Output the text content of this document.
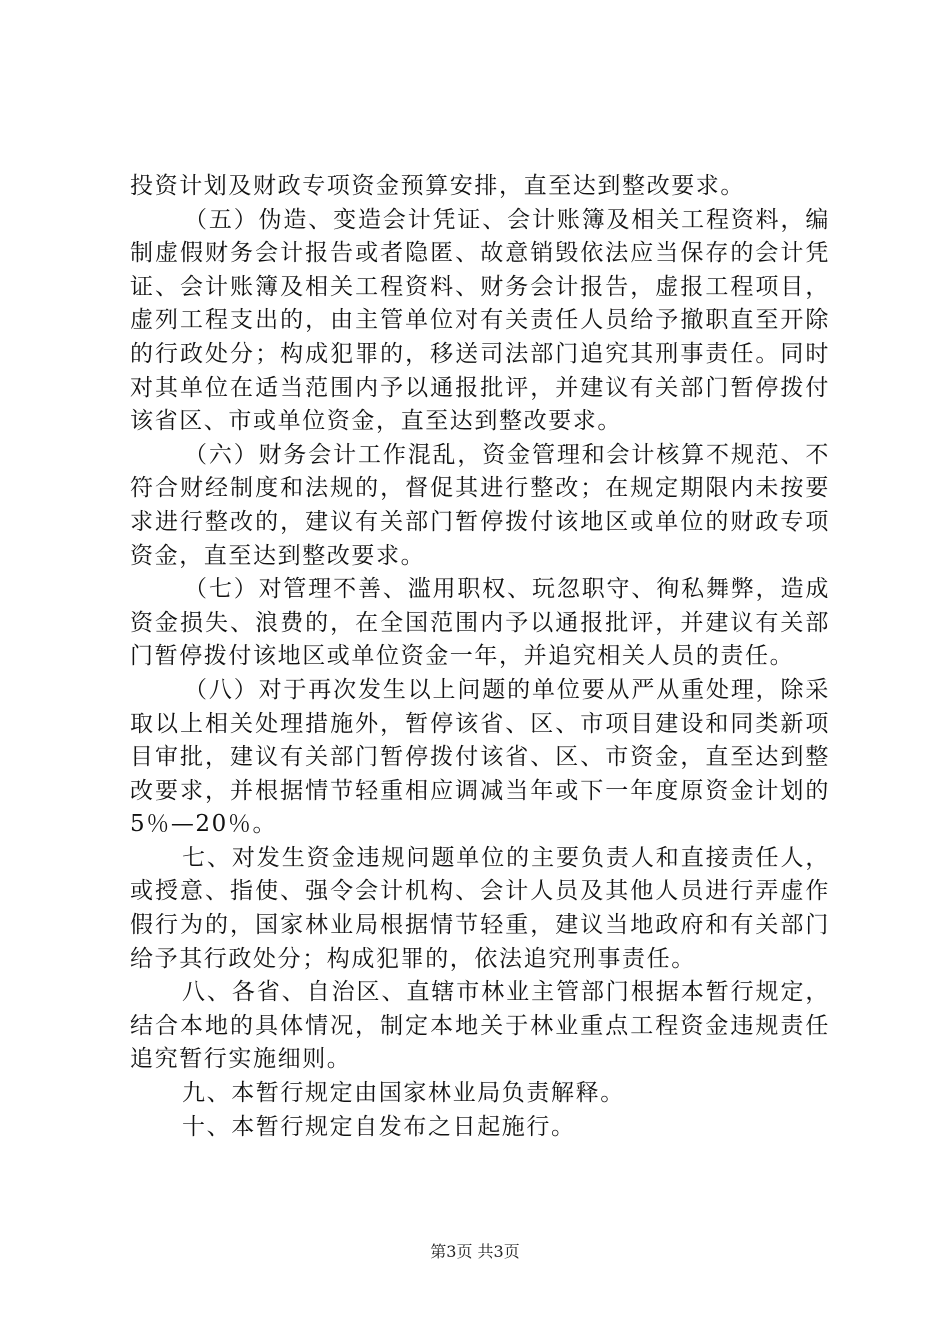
投资计划及财政专项资金预算安排，直至达到整改要求。

（五）伪造、变造会计凭证、会计账簿及相关工程资料，编制虚假财务会计报告或者隐匿、故意销毁依法应当保存的会计凭证、会计账簿及相关工程资料、财务会计报告，虚报工程项目，虚列工程支出的，由主管单位对有关责任人员给予撤职直至开除的行政处分；构成犯罪的，移送司法部门追究其刑事责任。同时对其单位在适当范围内予以通报批评，并建议有关部门暂停拨付该省区、市或单位资金，直至达到整改要求。

（六）财务会计工作混乱，资金管理和会计核算不规范、不符合财经制度和法规的，督促其进行整改；在规定期限内未按要求进行整改的，建议有关部门暂停拨付该地区或单位的财政专项资金，直至达到整改要求。

（七）对管理不善、滥用职权、玩忽职守、徇私舞弊，造成资金损失、浪费的，在全国范围内予以通报批评，并建议有关部门暂停拨付该地区或单位资金一年，并追究相关人员的责任。

（八）对于再次发生以上问题的单位要从严从重处理，除采取以上相关处理措施外，暂停该省、区、市项目建设和同类新项目审批，建议有关部门暂停拨付该省、区、市资金，直至达到整改要求，并根据情节轻重相应调减当年或下一年度原资金计划的5％—20％。

七、对发生资金违规问题单位的主要负责人和直接责任人，或授意、指使、强令会计机构、会计人员及其他人员进行弄虚作假行为的，国家林业局根据情节轻重，建议当地政府和有关部门给予其行政处分；构成犯罪的，依法追究刑事责任。

八、各省、自治区、直辖市林业主管部门根据本暂行规定，结合本地的具体情况，制定本地关于林业重点工程资金违规责任追究暂行实施细则。

九、本暂行规定由国家林业局负责解释。

十、本暂行规定自发布之日起施行。

第3页 共3页
